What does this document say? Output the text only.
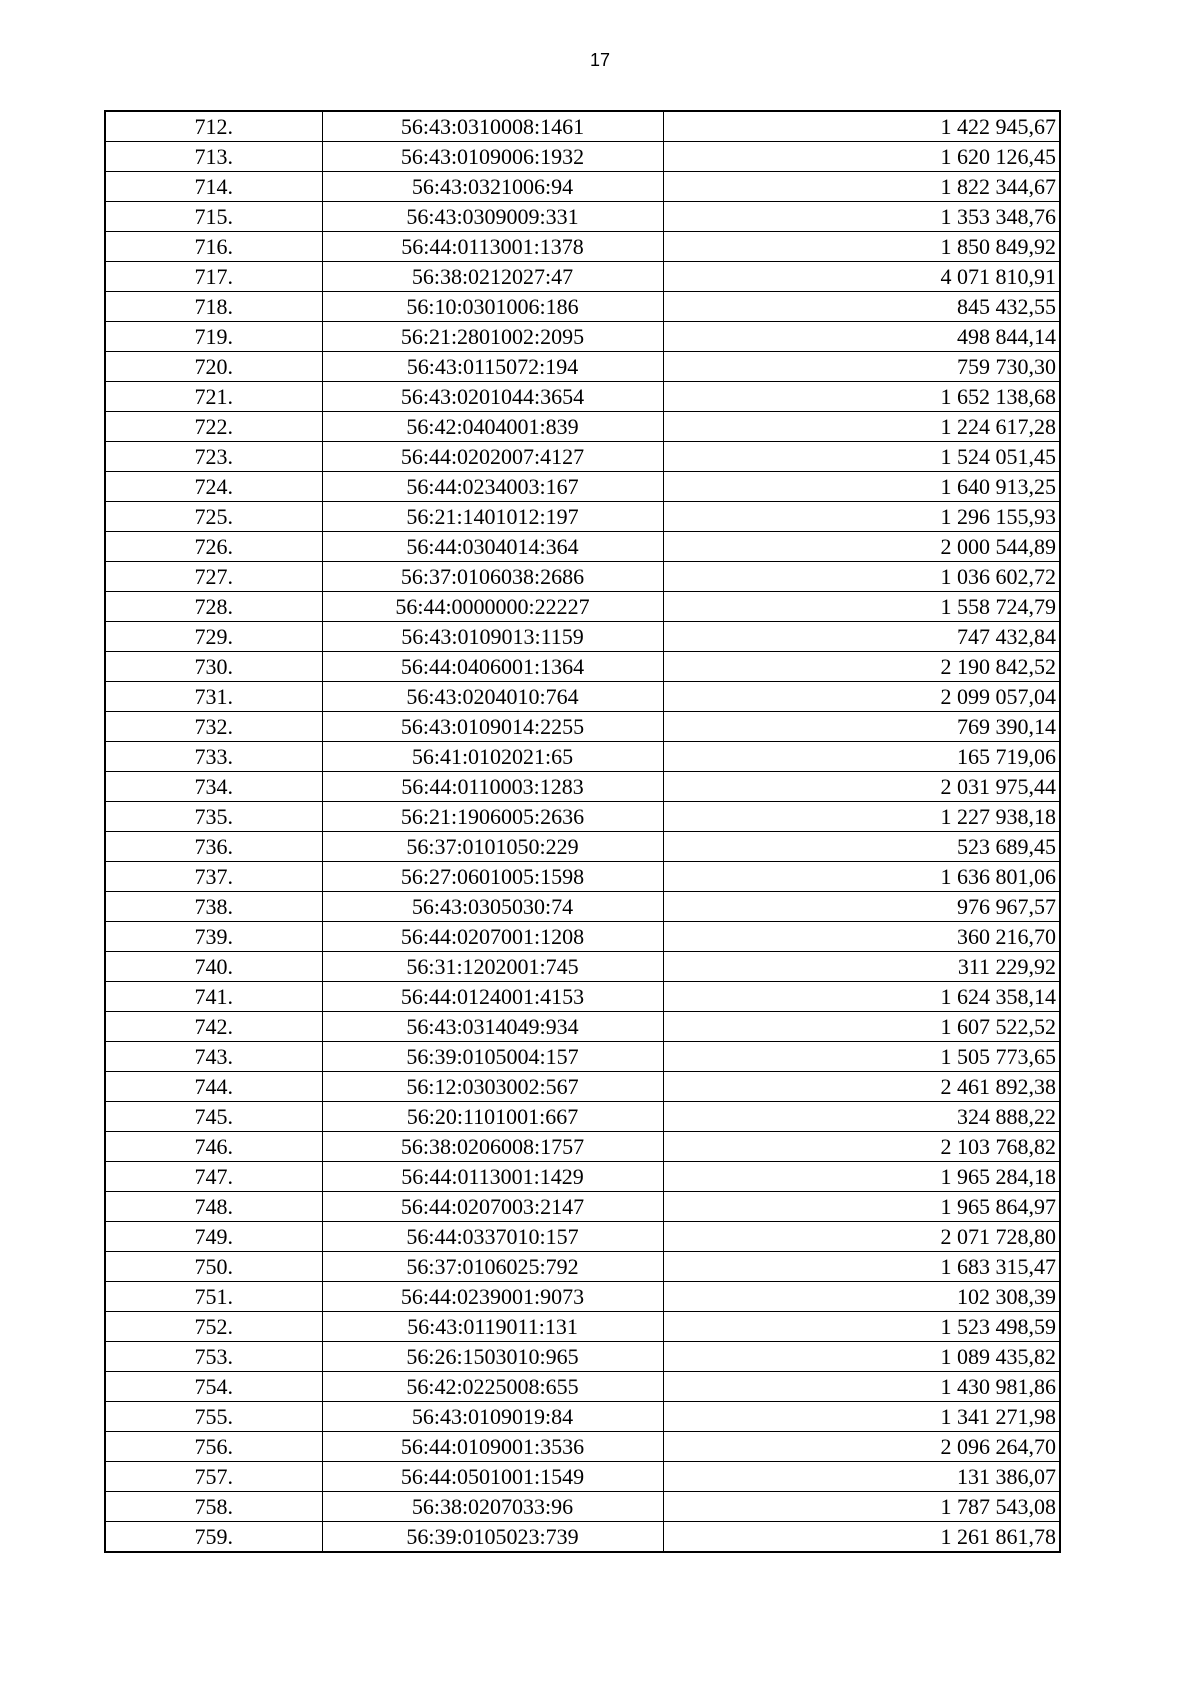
17
712.	56:43:0310008:1461	1 422 945,67
713.	56:43:0109006:1932	1 620 126,45
714.	56:43:0321006:94	1 822 344,67
715.	56:43:0309009:331	1 353 348,76
716.	56:44:0113001:1378	1 850 849,92
717.	56:38:0212027:47	4 071 810,91
718.	56:10:0301006:186	845 432,55
719.	56:21:2801002:2095	498 844,14
720.	56:43:0115072:194	759 730,30
721.	56:43:0201044:3654	1 652 138,68
722.	56:42:0404001:839	1 224 617,28
723.	56:44:0202007:4127	1 524 051,45
724.	56:44:0234003:167	1 640 913,25
725.	56:21:1401012:197	1 296 155,93
726.	56:44:0304014:364	2 000 544,89
727.	56:37:0106038:2686	1 036 602,72
728.	56:44:0000000:22227	1 558 724,79
729.	56:43:0109013:1159	747 432,84
730.	56:44:0406001:1364	2 190 842,52
731.	56:43:0204010:764	2 099 057,04
732.	56:43:0109014:2255	769 390,14
733.	56:41:0102021:65	165 719,06
734.	56:44:0110003:1283	2 031 975,44
735.	56:21:1906005:2636	1 227 938,18
736.	56:37:0101050:229	523 689,45
737.	56:27:0601005:1598	1 636 801,06
738.	56:43:0305030:74	976 967,57
739.	56:44:0207001:1208	360 216,70
740.	56:31:1202001:745	311 229,92
741.	56:44:0124001:4153	1 624 358,14
742.	56:43:0314049:934	1 607 522,52
743.	56:39:0105004:157	1 505 773,65
744.	56:12:0303002:567	2 461 892,38
745.	56:20:1101001:667	324 888,22
746.	56:38:0206008:1757	2 103 768,82
747.	56:44:0113001:1429	1 965 284,18
748.	56:44:0207003:2147	1 965 864,97
749.	56:44:0337010:157	2 071 728,80
750.	56:37:0106025:792	1 683 315,47
751.	56:44:0239001:9073	102 308,39
752.	56:43:0119011:131	1 523 498,59
753.	56:26:1503010:965	1 089 435,82
754.	56:42:0225008:655	1 430 981,86
755.	56:43:0109019:84	1 341 271,98
756.	56:44:0109001:3536	2 096 264,70
757.	56:44:0501001:1549	131 386,07
758.	56:38:0207033:96	1 787 543,08
759.	56:39:0105023:739	1 261 861,78
